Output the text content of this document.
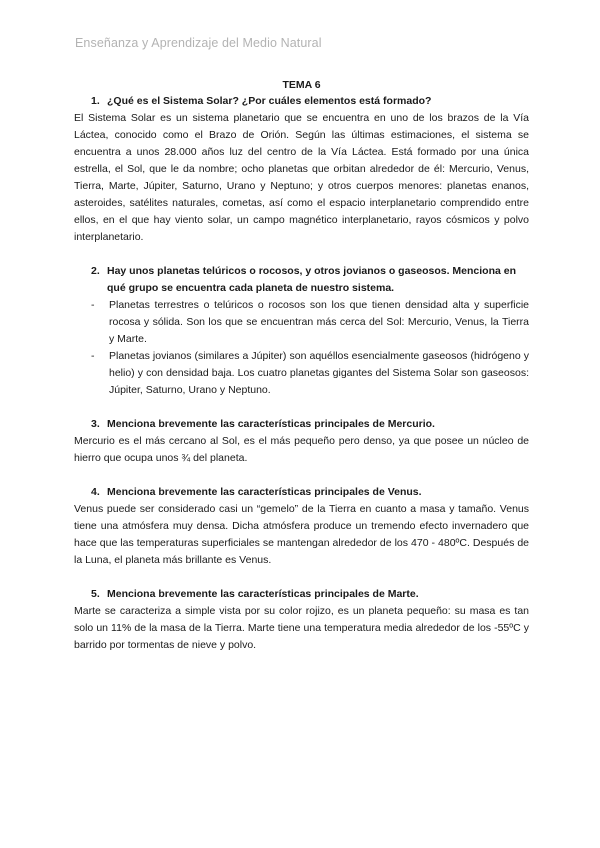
Enseñanza y Aprendizaje del Medio Natural

TEMA 6

1. ¿Qué es el Sistema Solar? ¿Por cuáles elementos está formado?

El Sistema Solar es un sistema planetario que se encuentra en uno de los brazos de la Vía Láctea, conocido como el Brazo de Orión. Según las últimas estimaciones, el sistema se encuentra a unos 28.000 años luz del centro de la Vía Láctea. Está formado por una única estrella, el Sol, que le da nombre; ocho planetas que orbitan alrededor de él: Mercurio, Venus, Tierra, Marte, Júpiter, Saturno, Urano y Neptuno; y otros cuerpos menores: planetas enanos, asteroides, satélites naturales, cometas, así como el espacio interplanetario comprendido entre ellos, en el que hay viento solar, un campo magnético interplanetario, rayos cósmicos y polvo interplanetario.

2. Hay unos planetas telúricos o rocosos, y otros jovianos o gaseosos. Menciona en qué grupo se encuentra cada planeta de nuestro sistema.
-	Planetas terrestres o telúricos o rocosos son los que tienen densidad alta y superficie rocosa y sólida. Son los que se encuentran más cerca del Sol: Mercurio, Venus, la Tierra y Marte.
-	Planetas jovianos (similares a Júpiter) son aquéllos esencialmente gaseosos (hidrógeno y helio) y con densidad baja. Los cuatro planetas gigantes del Sistema Solar son gaseosos: Júpiter, Saturno, Urano y Neptuno.
3. Menciona brevemente las características principales de Mercurio.

Mercurio es el más cercano al Sol, es el más pequeño pero denso, ya que posee un núcleo de hierro que ocupa unos ¾ del planeta.

4. Menciona brevemente las características principales de Venus.

Venus puede ser considerado casi un “gemelo” de la Tierra en cuanto a masa y tamaño. Venus tiene una atmósfera muy densa. Dicha atmósfera produce un tremendo efecto invernadero que hace que las temperaturas superficiales se mantengan alrededor de los 470 - 480ºC. Después de la Luna, el planeta más brillante es Venus.

5. Menciona brevemente las características principales de Marte.

Marte se caracteriza a simple vista por su color rojizo, es un planeta pequeño: su masa es tan solo un 11% de la masa de la Tierra. Marte tiene una temperatura media alrededor de los -55ºC y barrido por tormentas de nieve y polvo.
